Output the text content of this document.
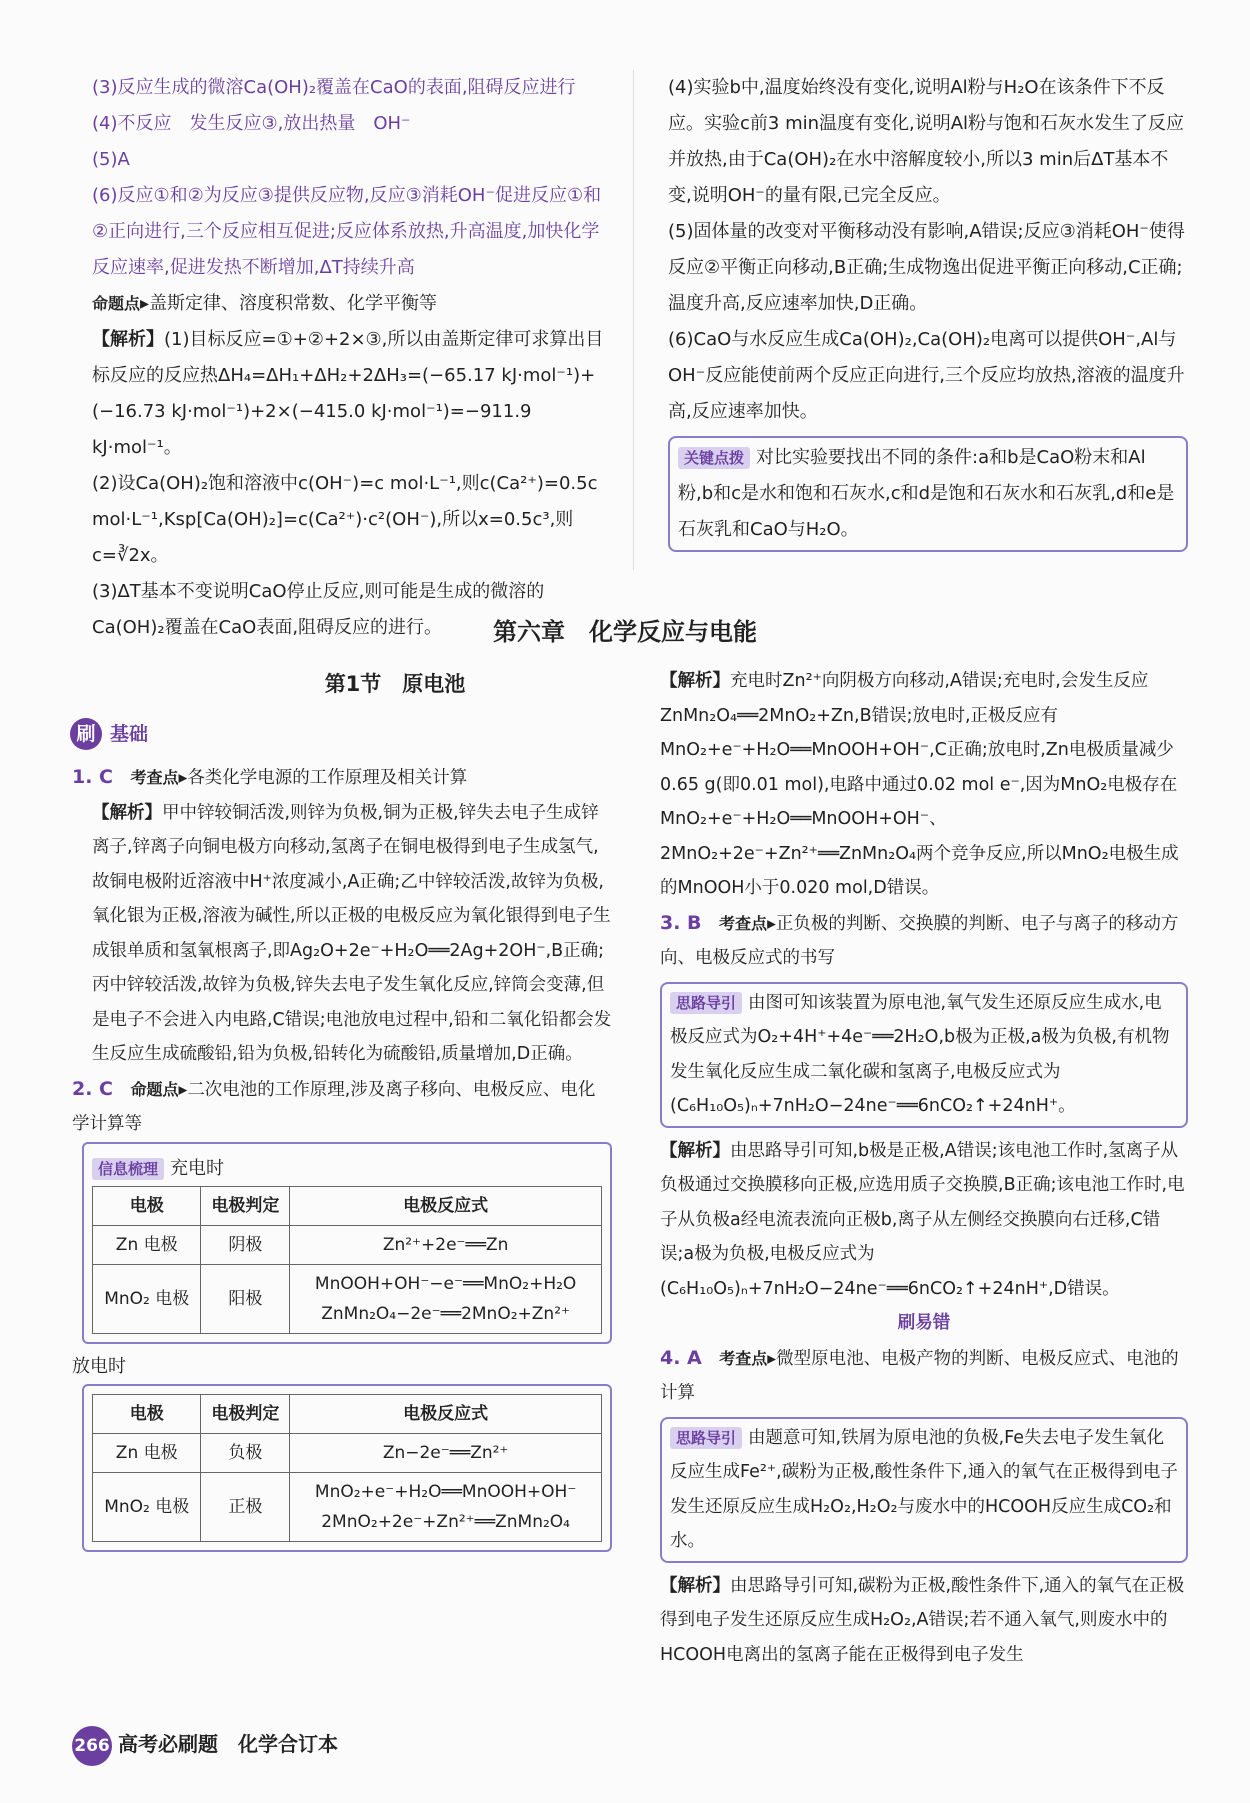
(3)反应生成的微溶Ca(OH)₂覆盖在CaO的表面,阻碍反应进行

(4)不反应　发生反应③,放出热量　OH⁻

(5)A

(6)反应①和②为反应③提供反应物,反应③消耗OH⁻促进反应①和②正向进行,三个反应相互促进;反应体系放热,升高温度,加快化学反应速率,促进发热不断增加,ΔT持续升高

命题点▸盖斯定律、溶度积常数、化学平衡等

【解析】(1)目标反应=①+②+2×③,所以由盖斯定律可求算出目标反应的反应热ΔH₄=ΔH₁+ΔH₂+2ΔH₃=(−65.17 kJ·mol⁻¹)+(−16.73 kJ·mol⁻¹)+2×(−415.0 kJ·mol⁻¹)=−911.9 kJ·mol⁻¹。

(2)设Ca(OH)₂饱和溶液中c(OH⁻)=c mol·L⁻¹,则c(Ca²⁺)=0.5c mol·L⁻¹,Ksp[Ca(OH)₂]=c(Ca²⁺)·c²(OH⁻),所以x=0.5c³,则c=∛2x。

(3)ΔT基本不变说明CaO停止反应,则可能是生成的微溶的Ca(OH)₂覆盖在CaO表面,阻碍反应的进行。

(4)实验b中,温度始终没有变化,说明Al粉与H₂O在该条件下不反应。实验c前3 min温度有变化,说明Al粉与饱和石灰水发生了反应并放热,由于Ca(OH)₂在水中溶解度较小,所以3 min后ΔT基本不变,说明OH⁻的量有限,已完全反应。

(5)固体量的改变对平衡移动没有影响,A错误;反应③消耗OH⁻使得反应②平衡正向移动,B正确;生成物逸出促进平衡正向移动,C正确;温度升高,反应速率加快,D正确。

(6)CaO与水反应生成Ca(OH)₂,Ca(OH)₂电离可以提供OH⁻,Al与OH⁻反应能使前两个反应正向进行,三个反应均放热,溶液的温度升高,反应速率加快。

关键点拨 对比实验要找出不同的条件:a和b是CaO粉末和Al粉,b和c是水和饱和石灰水,c和d是饱和石灰水和石灰乳,d和e是石灰乳和CaO与H₂O。
第六章　化学反应与电能
第1节　原电池
刷 基础

1. C　 考查点▸各类化学电源的工作原理及相关计算

【解析】甲中锌较铜活泼,则锌为负极,铜为正极,锌失去电子生成锌离子,锌离子向铜电极方向移动,氢离子在铜电极得到电子生成氢气,故铜电极附近溶液中H⁺浓度减小,A正确;乙中锌较活泼,故锌为负极,氧化银为正极,溶液为碱性,所以正极的电极反应为氧化银得到电子生成银单质和氢氧根离子,即Ag₂O+2e⁻+H₂O══2Ag+2OH⁻,B正确;丙中锌较活泼,故锌为负极,锌失去电子发生氧化反应,锌筒会变薄,但是电子不会进入内电路,C错误;电池放电过程中,铅和二氧化铅都会发生反应生成硫酸铅,铅为负极,铅转化为硫酸铅,质量增加,D正确。

2. C　 命题点▸二次电池的工作原理,涉及离子移向、电极反应、电化学计算等

信息梳理 充电时
电极	电极判定	电极反应式
Zn 电极	阴极	Zn²⁺+2e⁻══Zn
MnO₂ 电极	阳极	MnOOH+OH⁻−e⁻══MnO₂+H₂O
ZnMn₂O₄−2e⁻══2MnO₂+Zn²⁺
放电时
电极	电极判定	电极反应式
Zn 电极	负极	Zn−2e⁻══Zn²⁺
MnO₂ 电极	正极	MnO₂+e⁻+H₂O══MnOOH+OH⁻
2MnO₂+2e⁻+Zn²⁺══ZnMn₂O₄

【解析】充电时Zn²⁺向阴极方向移动,A错误;充电时,会发生反应ZnMn₂O₄══2MnO₂+Zn,B错误;放电时,正极反应有MnO₂+e⁻+H₂O══MnOOH+OH⁻,C正确;放电时,Zn电极质量减少0.65 g(即0.01 mol),电路中通过0.02 mol e⁻,因为MnO₂电极存在MnO₂+e⁻+H₂O══MnOOH+OH⁻、2MnO₂+2e⁻+Zn²⁺══ZnMn₂O₄两个竞争反应,所以MnO₂电极生成的MnOOH小于0.020 mol,D错误。

3. B　 考查点▸正负极的判断、交换膜的判断、电子与离子的移动方向、电极反应式的书写

思路导引 由图可知该装置为原电池,氧气发生还原反应生成水,电极反应式为O₂+4H⁺+4e⁻══2H₂O,b极为正极,a极为负极,有机物发生氧化反应生成二氧化碳和氢离子,电极反应式为(C₆H₁₀O₅)ₙ+7nH₂O−24ne⁻══6nCO₂↑+24nH⁺。

【解析】由思路导引可知,b极是正极,A错误;该电池工作时,氢离子从负极通过交换膜移向正极,应选用质子交换膜,B正确;该电池工作时,电子从负极a经电流表流向正极b,离子从左侧经交换膜向右迁移,C错误;a极为负极,电极反应式为(C₆H₁₀O₅)ₙ+7nH₂O−24ne⁻══6nCO₂↑+24nH⁺,D错误。

刷易错

4. A　 考查点▸微型原电池、电极产物的判断、电极反应式、电池的计算

思路导引 由题意可知,铁屑为原电池的负极,Fe失去电子发生氧化反应生成Fe²⁺,碳粉为正极,酸性条件下,通入的氧气在正极得到电子发生还原反应生成H₂O₂,H₂O₂与废水中的HCOOH反应生成CO₂和水。

【解析】由思路导引可知,碳粉为正极,酸性条件下,通入的氧气在正极得到电子发生还原反应生成H₂O₂,A错误;若不通入氧气,则废水中的HCOOH电离出的氢离子能在正极得到电子发生

266 高考必刷题　化学合订本
